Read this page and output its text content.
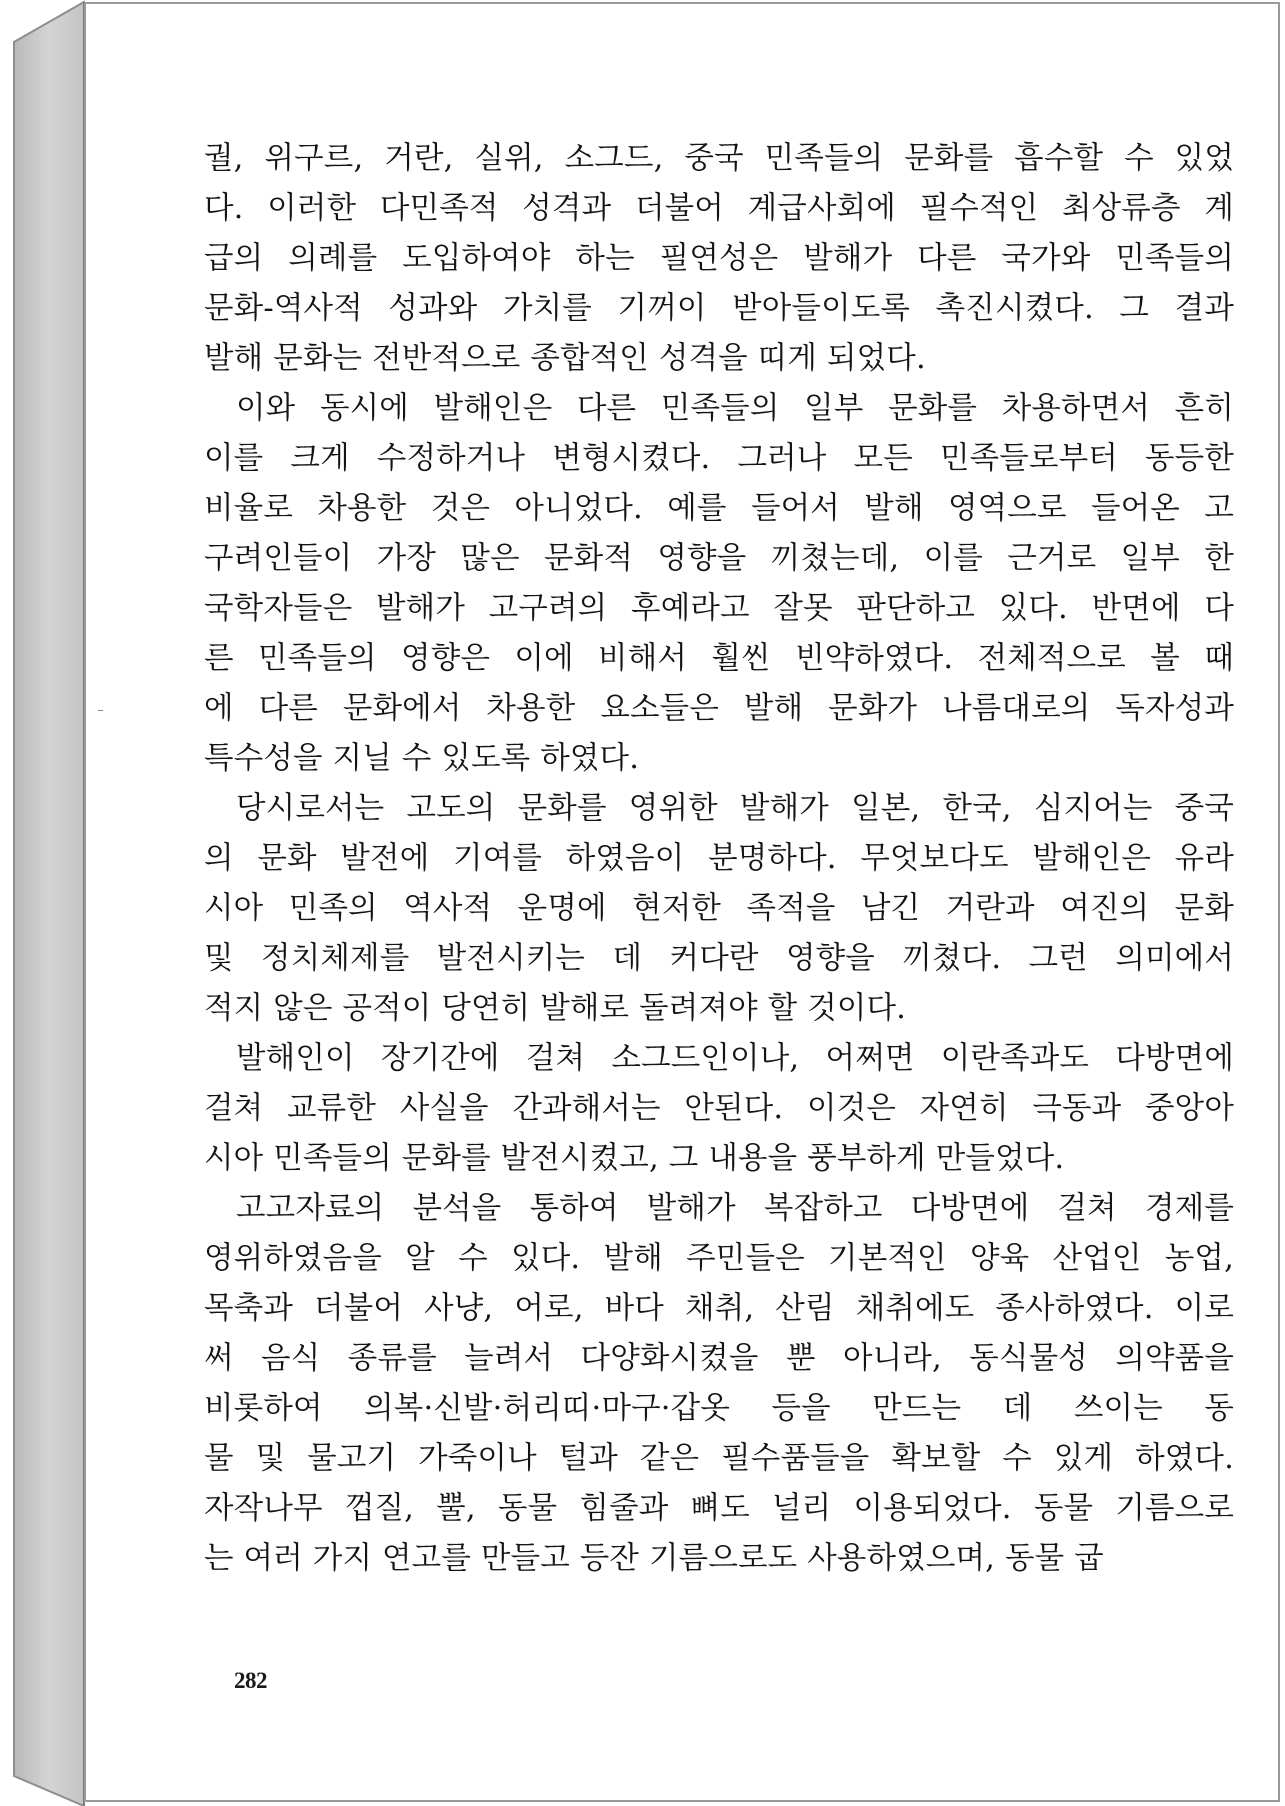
궐, 위구르, 거란, 실위, 소그드, 중국 민족들의 문화를 흡수할 수 있었
다. 이러한 다민족적 성격과 더불어 계급사회에 필수적인 최상류층 계
급의 의례를 도입하여야 하는 필연성은 발해가 다른 국가와 민족들의
문화-역사적 성과와 가치를 기꺼이 받아들이도록 촉진시켰다. 그 결과
발해 문화는 전반적으로 종합적인 성격을 띠게 되었다.
이와 동시에 발해인은 다른 민족들의 일부 문화를 차용하면서 흔히
이를 크게 수정하거나 변형시켰다. 그러나 모든 민족들로부터 동등한
비율로 차용한 것은 아니었다. 예를 들어서 발해 영역으로 들어온 고
구려인들이 가장 많은 문화적 영향을 끼쳤는데, 이를 근거로 일부 한
국학자들은 발해가 고구려의 후예라고 잘못 판단하고 있다. 반면에 다
른 민족들의 영향은 이에 비해서 훨씬 빈약하였다. 전체적으로 볼 때
에 다른 문화에서 차용한 요소들은 발해 문화가 나름대로의 독자성과
특수성을 지닐 수 있도록 하였다.
당시로서는 고도의 문화를 영위한 발해가 일본, 한국, 심지어는 중국
의 문화 발전에 기여를 하였음이 분명하다. 무엇보다도 발해인은 유라
시아 민족의 역사적 운명에 현저한 족적을 남긴 거란과 여진의 문화
및 정치체제를 발전시키는 데 커다란 영향을 끼쳤다. 그런 의미에서
적지 않은 공적이 당연히 발해로 돌려져야 할 것이다.
발해인이 장기간에 걸쳐 소그드인이나, 어쩌면 이란족과도 다방면에
걸쳐 교류한 사실을 간과해서는 안된다. 이것은 자연히 극동과 중앙아
시아 민족들의 문화를 발전시켰고, 그 내용을 풍부하게 만들었다.
고고자료의 분석을 통하여 발해가 복잡하고 다방면에 걸쳐 경제를
영위하였음을 알 수 있다. 발해 주민들은 기본적인 양육 산업인 농업,
목축과 더불어 사냥, 어로, 바다 채취, 산림 채취에도 종사하였다. 이로
써 음식 종류를 늘려서 다양화시켰을 뿐 아니라, 동식물성 의약품을
비롯하여 의복·신발·허리띠·마구·갑옷 등을 만드는 데 쓰이는 동
물 및 물고기 가죽이나 털과 같은 필수품들을 확보할 수 있게 하였다.
자작나무 껍질, 뿔, 동물 힘줄과 뼈도 널리 이용되었다. 동물 기름으로
는 여러 가지 연고를 만들고 등잔 기름으로도 사용하였으며, 동물 굽
282
